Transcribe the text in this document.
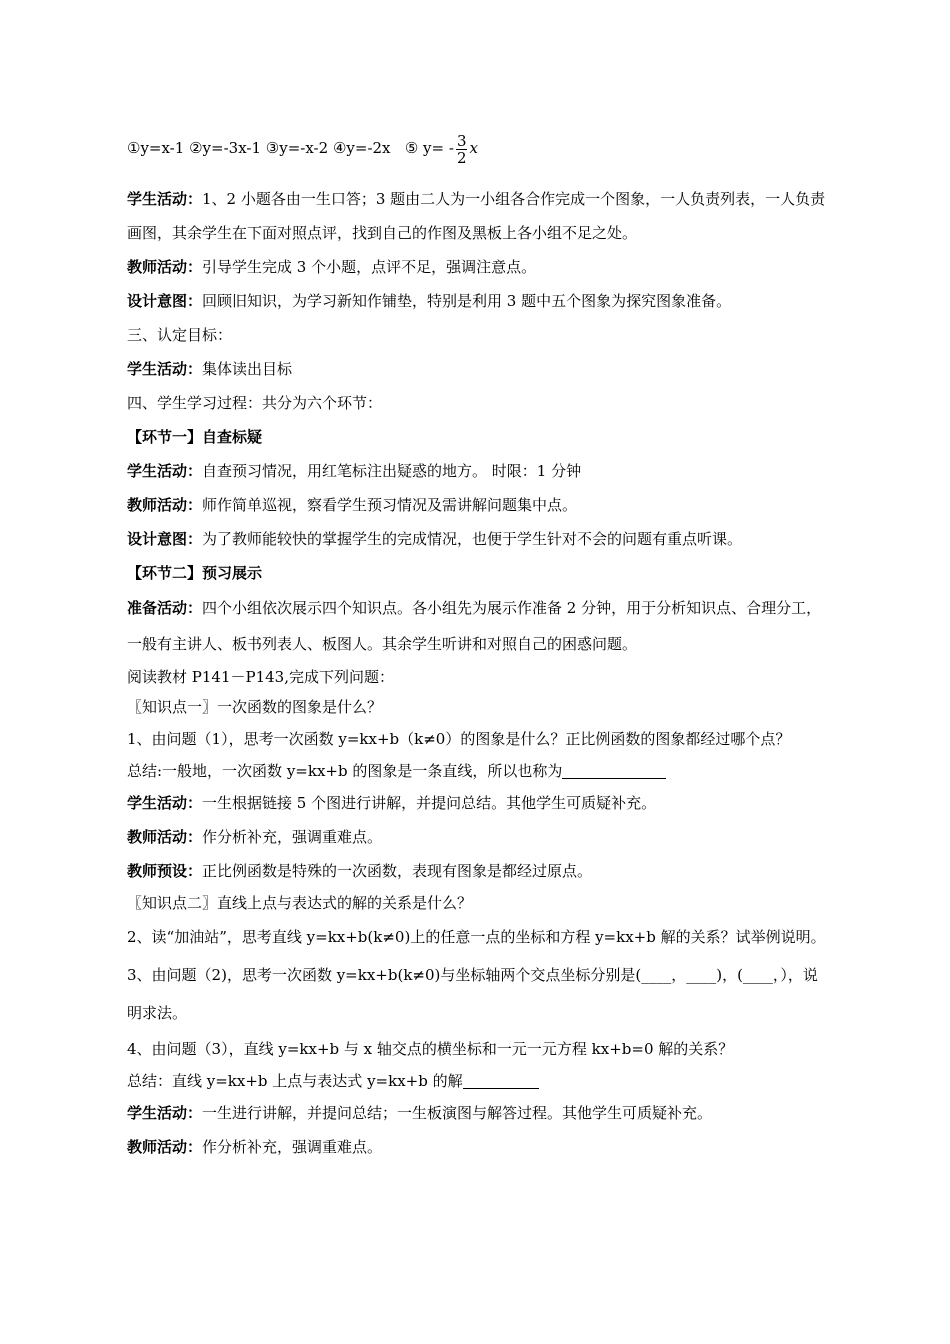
①y=x-1 ②y=-3x-1 ③y=-x-2 ④y=-2x ⑤ $y= - \frac{3}{2}$ x
学生活动：1、2 小题各由一生口答；3 题由二人为一小组各合作完成一个图象，一人负责列表，一人负责画图，其余学生在下面对照点评，找到自己的作图及黑板上各小组不足之处。
教师活动：引导学生完成 3 个小题，点评不足，强调注意点。
设计意图：回顾旧知识，为学习新知作铺垫，特别是利用 3 题中五个图象为探究图象准备。
三、认定目标：
学生活动：集体读出目标
四、学生学习过程：共分为六个环节：
【环节一】自查标疑
学生活动：自查预习情况，用红笔标注出疑惑的地方。 时限：1 分钟
教师活动：师作简单巡视，察看学生预习情况及需讲解问题集中点。
设计意图：为了教师能较快的掌握学生的完成情况，也便于学生针对不会的问题有重点听课。
【环节二】预习展示
准备活动：四个小组依次展示四个知识点。各小组先为展示作准备 2 分钟，用于分析知识点、合理分工，一般有主讲人、板书列表人、板图人。其余学生听讲和对照自己的困惑问题。
阅读教材 P141－P143,完成下列问题：
〖知识点一〗一次函数的图象是什么？
1、由问题（1），思考一次函数 y=kx+b（k≠0）的图象是什么？正比例函数的图象都经过哪个点？
总结:一般地，一次函数 y=kx+b 的图象是一条直线，所以也称为
学生活动：一生根据链接 5 个图进行讲解，并提问总结。其他学生可质疑补充。
教师活动：作分析补充，强调重难点。
教师预设：正比例函数是特殊的一次函数，表现有图象是都经过原点。
〖知识点二〗直线上点与表达式的解的关系是什么？
2、读“加油站”，思考直线 y=kx+b(k≠0)上的任意一点的坐标和方程 y=kx+b 解的关系？试举例说明。
3、由问题（2)，思考一次函数 y=kx+b(k≠0)与坐标轴两个交点坐标分别是(____，____)，(____，），说明求法。
4、由问题（3），直线 y=kx+b 与 x 轴交点的横坐标和一元一元方程 kx+b=0 解的关系？
总结：直线 y=kx+b 上点与表达式 y=kx+b 的解
学生活动：一生进行讲解，并提问总结；一生板演图与解答过程。其他学生可质疑补充。
教师活动：作分析补充，强调重难点。
